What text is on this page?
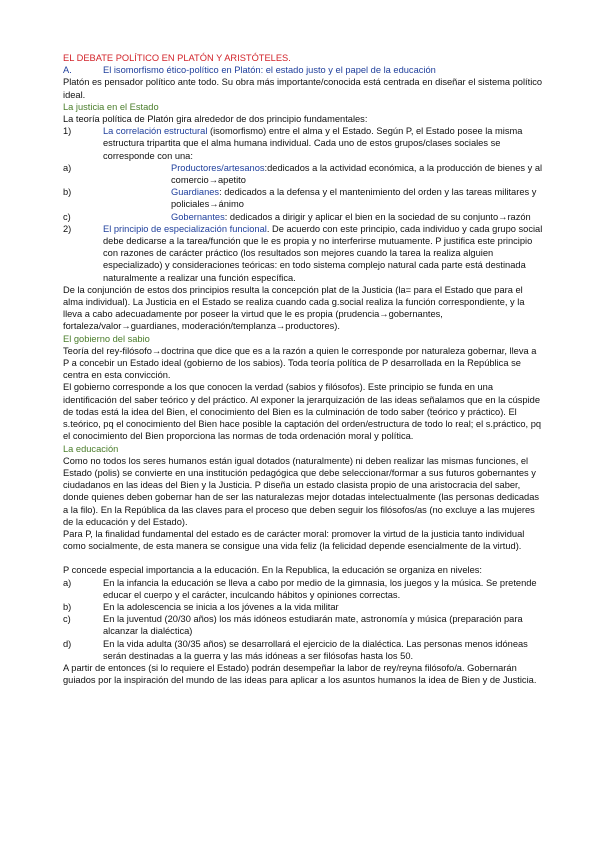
EL DEBATE POLÍTICO EN PLATÓN Y ARISTÓTELES.

A.	El isomorfismo ético-político en Platón: el estado justo y el papel de la educación

Platón es pensador político ante todo. Su obra más importante/conocida está centrada en diseñar el sistema político ideal.

La justicia en el Estado

La teoría política de Platón gira alrededor de dos principio fundamentales:

1)	La correlación estructural (isomorfismo) entre el alma y el Estado. Según P, el Estado posee la misma estructura tripartita que el alma humana individual. Cada uno de estos grupos/clases sociales se corresponde con una:
a)	Productores/artesanos:dedicados a la actividad económica, a la producción de bienes y al comercio→apetito
b)	Guardianes: dedicados a la defensa y el mantenimiento del orden y las tareas militares y policiales→ánimo
c)	Gobernantes: dedicados a dirigir y aplicar el bien en la sociedad de su conjunto→razón
2)	El principio de especialización funcional. De acuerdo con este principio, cada individuo y cada grupo social debe dedicarse a la tarea/función que le es propia y no interferirse mutuamente. P justifica este principio con razones de carácter práctico (los resultados son mejores cuando la tarea la realiza alguien especializado) y consideraciones teóricas: en todo sistema complejo natural cada parte está destinada naturalmente a realizar una función específica.

De la conjunción de estos dos principios resulta la concepción plat de la Justicia (la= para el Estado que para el alma individual). La Justicia en el Estado se realiza cuando cada g.social realiza la función correspondiente, y la lleva a cabo adecuadamente por poseer la virtud que le es propia (prudencia→gobernantes, fortaleza/valor→guardianes, moderación/templanza→productores).

El gobierno del sabio

Teoría del rey-filósofo→doctrina que dice que es a la razón a quien le corresponde por naturaleza gobernar, lleva a P a concebir un Estado ideal (gobierno de los sabios). Toda teoría política de P desarrollada en la República se centra en esta convicción.

El gobierno corresponde a los que conocen la verdad (sabios y filósofos). Este principio se funda en una identificación del saber teórico y del práctico. Al exponer la jerarquización de las ideas señalamos que en la cúspide de todas está la idea del Bien, el conocimiento del Bien es la culminación de todo saber (teórico y práctico). El s.teórico, pq el conocimiento del Bien hace posible la captación del orden/estructura de todo lo real; el s.práctico, pq el conocimiento del Bien proporciona las normas de toda ordenación moral y política.

La educación

Como no todos los seres humanos están igual dotados (naturalmente) ni deben realizar las mismas funciones, el Estado (polis) se convierte en una institución pedagógica que debe seleccionar/formar a sus futuros gobernantes y ciudadanos en las ideas del Bien y la Justicia. P diseña un estado clasista propio de una aristocracia del saber, donde quienes deben gobernar han de ser las naturalezas mejor dotadas intelectualmente (las personas dedicadas a la filo). En la República da las claves para el proceso que deben seguir los filósofos/as (no excluye a las mujeres de la educación y del Estado).

Para P, la finalidad fundamental del estado es de carácter moral: promover la virtud de la justicia tanto individual como socialmente, de esta manera se consigue una vida feliz (la felicidad depende esencialmente de la virtud).

P concede especial importancia a la educación. En la Republica, la educación se organiza en niveles:

a)	En la infancia la educación se lleva a cabo por medio de la gimnasia, los juegos y la música. Se pretende educar el cuerpo y el carácter, inculcando hábitos y opiniones correctas.
b)	En la adolescencia se inicia a los jóvenes a la vida militar
c)	En la juventud (20/30 años) los más idóneos estudiarán mate, astronomía y música (preparación para alcanzar la dialéctica)
d)	En la vida adulta (30/35 años) se desarrollará el ejercicio de la dialéctica. Las personas menos idóneas serán destinadas a la guerra y las más idóneas a ser filósofas hasta los 50.

A partir de entonces (si lo requiere el Estado) podrán desempeñar la labor de rey/reyna filósofo/a. Gobernarán guiados por la inspiración del mundo de las ideas para aplicar a los asuntos humanos la idea de Bien y de Justicia.
